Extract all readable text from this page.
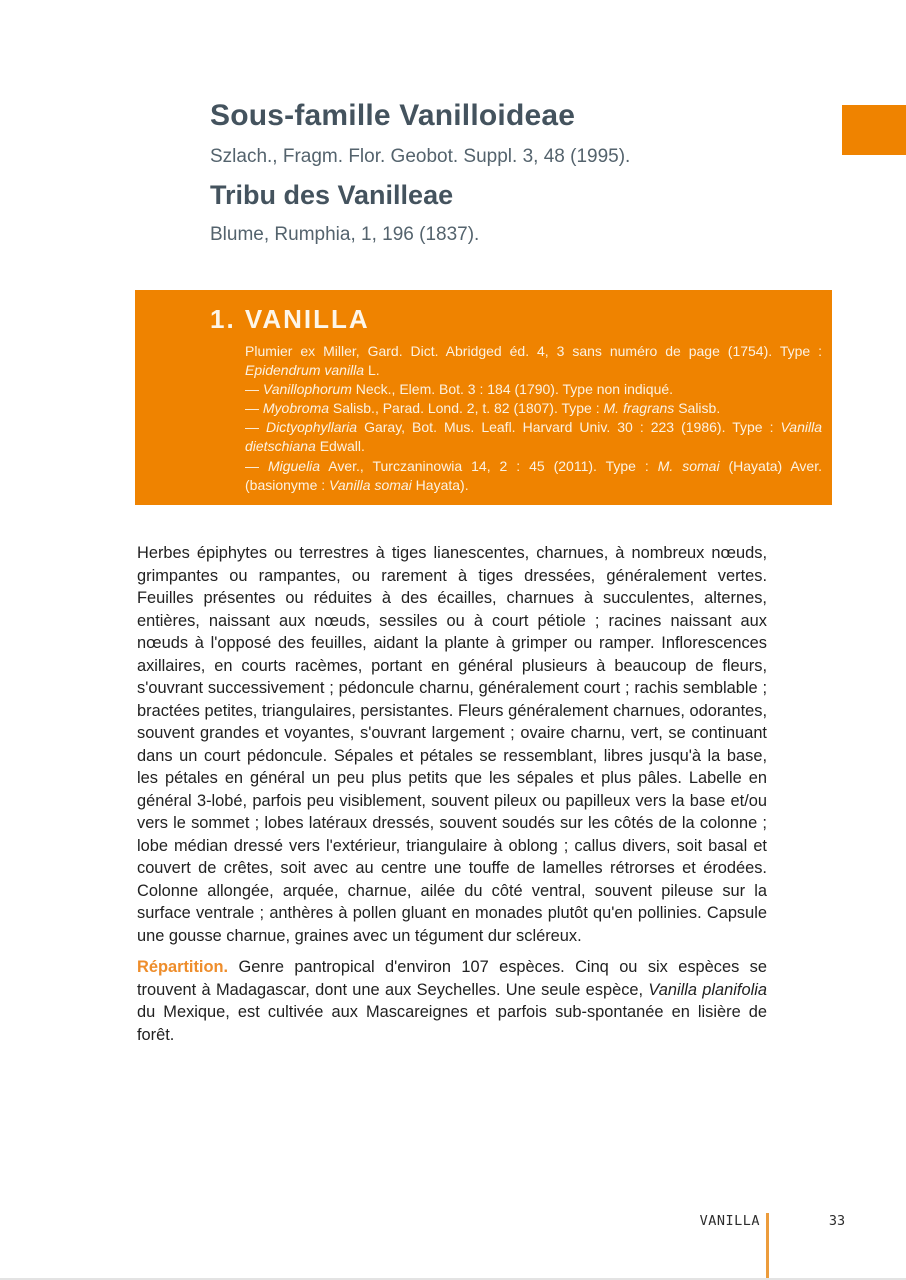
Sous-famille Vanilloideae
Szlach., Fragm. Flor. Geobot. Suppl. 3, 48 (1995).
Tribu des Vanilleae
Blume, Rumphia, 1, 196 (1837).
1. VANILLA

Plumier ex Miller, Gard. Dict. Abridged éd. 4, 3 sans numéro de page (1754). Type : Epidendrum vanilla L.

— Vanillophorum Neck., Elem. Bot. 3 : 184 (1790). Type non indiqué.

— Myobroma Salisb., Parad. Lond. 2, t. 82 (1807). Type : M. fragrans Salisb.

— Dictyophyllaria Garay, Bot. Mus. Leafl. Harvard Univ. 30 : 223 (1986). Type : Vanilla dietschiana Edwall.

— Miguelia Aver., Turczaninowia 14, 2 : 45 (2011). Type : M. somai (Hayata) Aver. (basionyme : Vanilla somai Hayata).

Herbes épiphytes ou terrestres à tiges lianescentes, charnues, à nombreux nœuds, grimpantes ou rampantes, ou rarement à tiges dressées, généralement vertes. Feuilles présentes ou réduites à des écailles, charnues à succulentes, alternes, entières, naissant aux nœuds, sessiles ou à court pétiole ; racines naissant aux nœuds à l'opposé des feuilles, aidant la plante à grimper ou ramper. Inflorescences axillaires, en courts racèmes, portant en général plusieurs à beaucoup de fleurs, s'ouvrant successivement ; pédoncule charnu, généralement court ; rachis semblable ; bractées petites, triangulaires, persistantes. Fleurs généralement charnues, odorantes, souvent grandes et voyantes, s'ouvrant largement ; ovaire charnu, vert, se continuant dans un court pédoncule. Sépales et pétales se ressemblant, libres jusqu'à la base, les pétales en général un peu plus petits que les sépales et plus pâles. Labelle en général 3-lobé, parfois peu visiblement, souvent pileux ou papilleux vers la base et/ou vers le sommet ; lobes latéraux dressés, souvent soudés sur les côtés de la colonne ; lobe médian dressé vers l'extérieur, triangulaire à oblong ; callus divers, soit basal et couvert de crêtes, soit avec au centre une touffe de lamelles rétrorses et érodées. Colonne allongée, arquée, charnue, ailée du côté ventral, souvent pileuse sur la surface ventrale ; anthères à pollen gluant en monades plutôt qu'en pollinies. Capsule une gousse charnue, graines avec un tégument dur scléreux.
Répartition. Genre pantropical d'environ 107 espèces. Cinq ou six espèces se trouvent à Madagascar, dont une aux Seychelles. Une seule espèce, Vanilla planifolia du Mexique, est cultivée aux Mascareignes et parfois sub-spontanée en lisière de forêt.
VANILLA	33
